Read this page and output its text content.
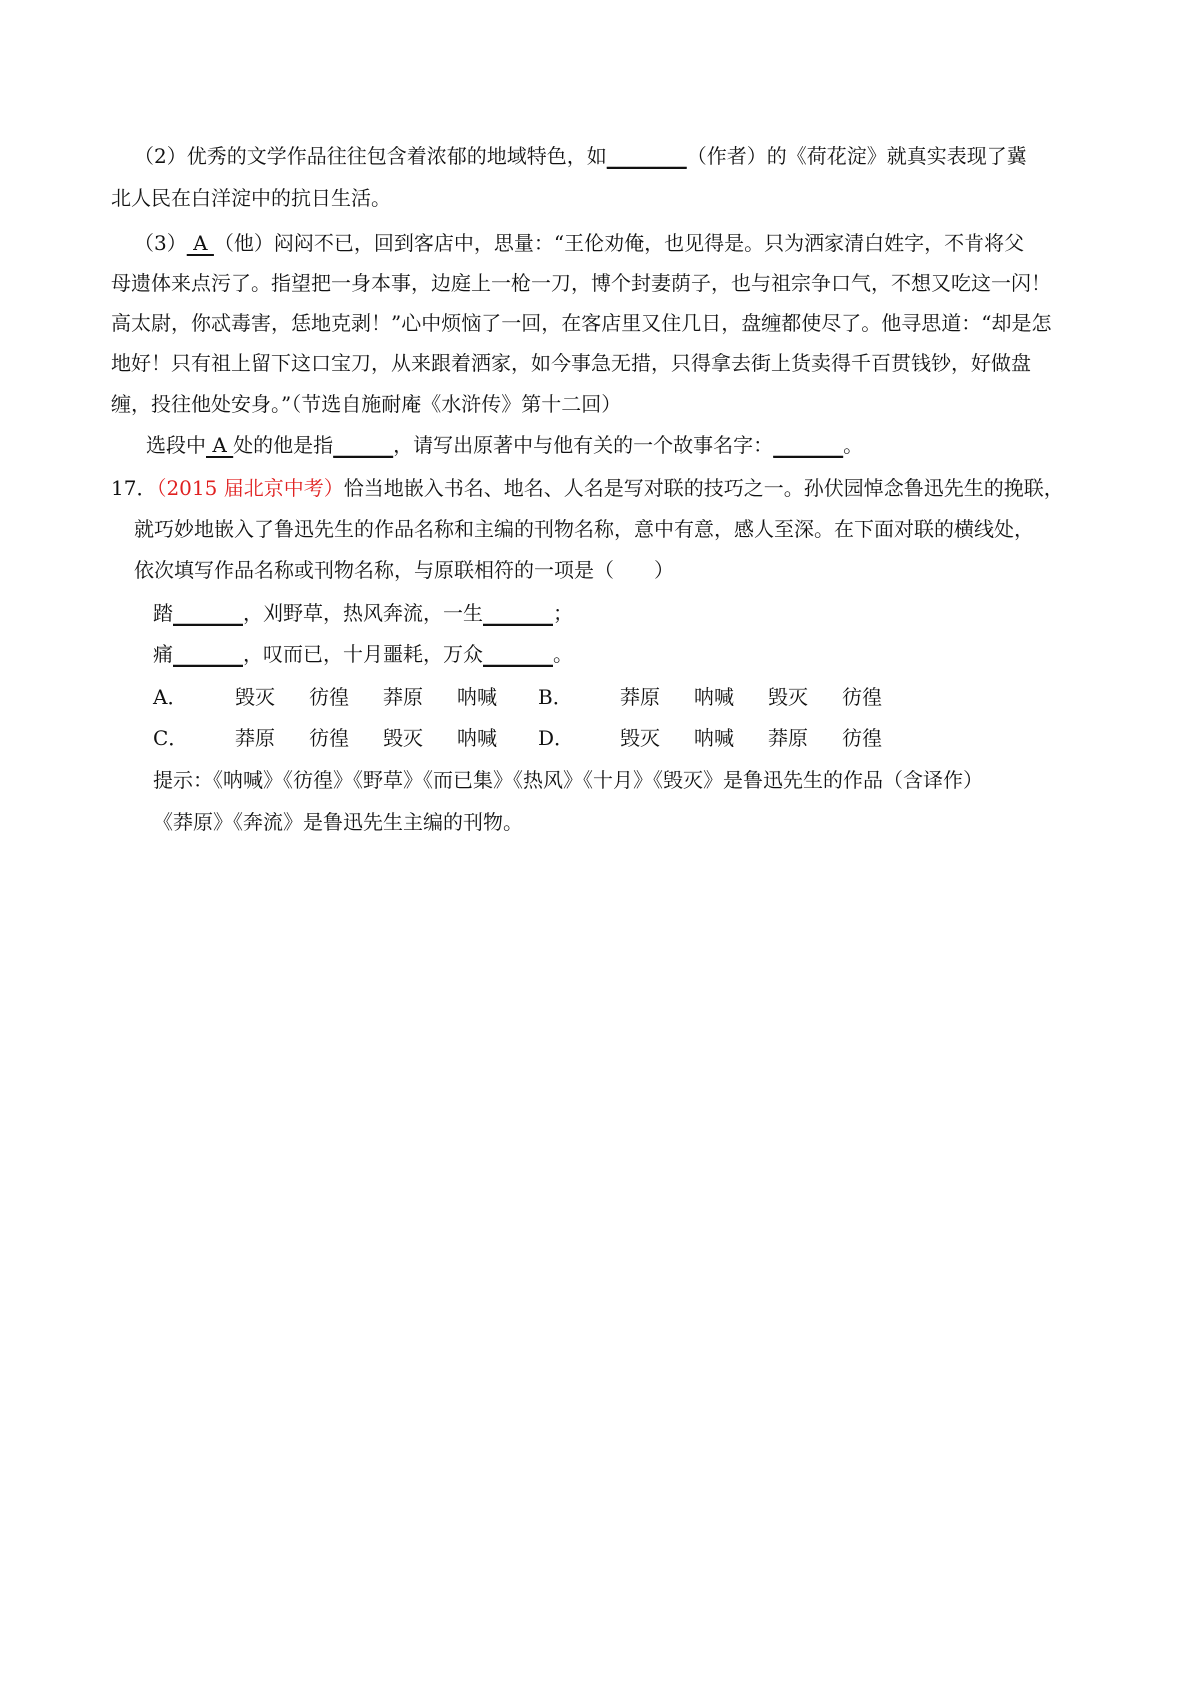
（2）优秀的文学作品往往包含着浓郁的地域特色，如________（作者）的《荷花淀》就真实表现了冀
北人民在白洋淀中的抗日生活。
（3） A （他）闷闷不已，回到客店中，思量：“王伦劝俺，也见得是。只为洒家清白姓字，不肯将父
母遗体来点污了。指望把一身本事，边庭上一枪一刀，博个封妻荫子，也与祖宗争口气，不想又吃这一闪！
高太尉，你忒毒害，恁地克剥！”心中烦恼了一回，在客店里又住几日，盘缠都使尽了。他寻思道：“却是怎
地好！只有祖上留下这口宝刀，从来跟着洒家，如今事急无措，只得拿去街上货卖得千百贯钱钞，好做盘
缠，投往他处安身。”（节选自施耐庵《水浒传》第十二回）
选段中 A 处的他是指______，请写出原著中与他有关的一个故事名字：_______。
17．（2015 届北京中考）恰当地嵌入书名、地名、人名是写对联的技巧之一。孙伏园悼念鲁迅先生的挽联，
就巧妙地嵌入了鲁迅先生的作品名称和主编的刊物名称，意中有意，感人至深。在下面对联的横线处，
依次填写作品名称或刊物名称，与原联相符的一项是（　　）
踏_______，刈野草，热风奔流，一生_______；
痛_______，叹而已，十月噩耗，万众_______。
A． 毁灭 彷徨 莽原 呐喊	B． 莽原 呐喊 毁灭 彷徨
C． 莽原 彷徨 毁灭 呐喊	D． 毁灭 呐喊 莽原 彷徨
提示：《呐喊》《彷徨》《野草》《而已集》《热风》《十月》《毁灭》是鲁迅先生的作品（含译作）
《莽原》《奔流》是鲁迅先生主编的刊物。
